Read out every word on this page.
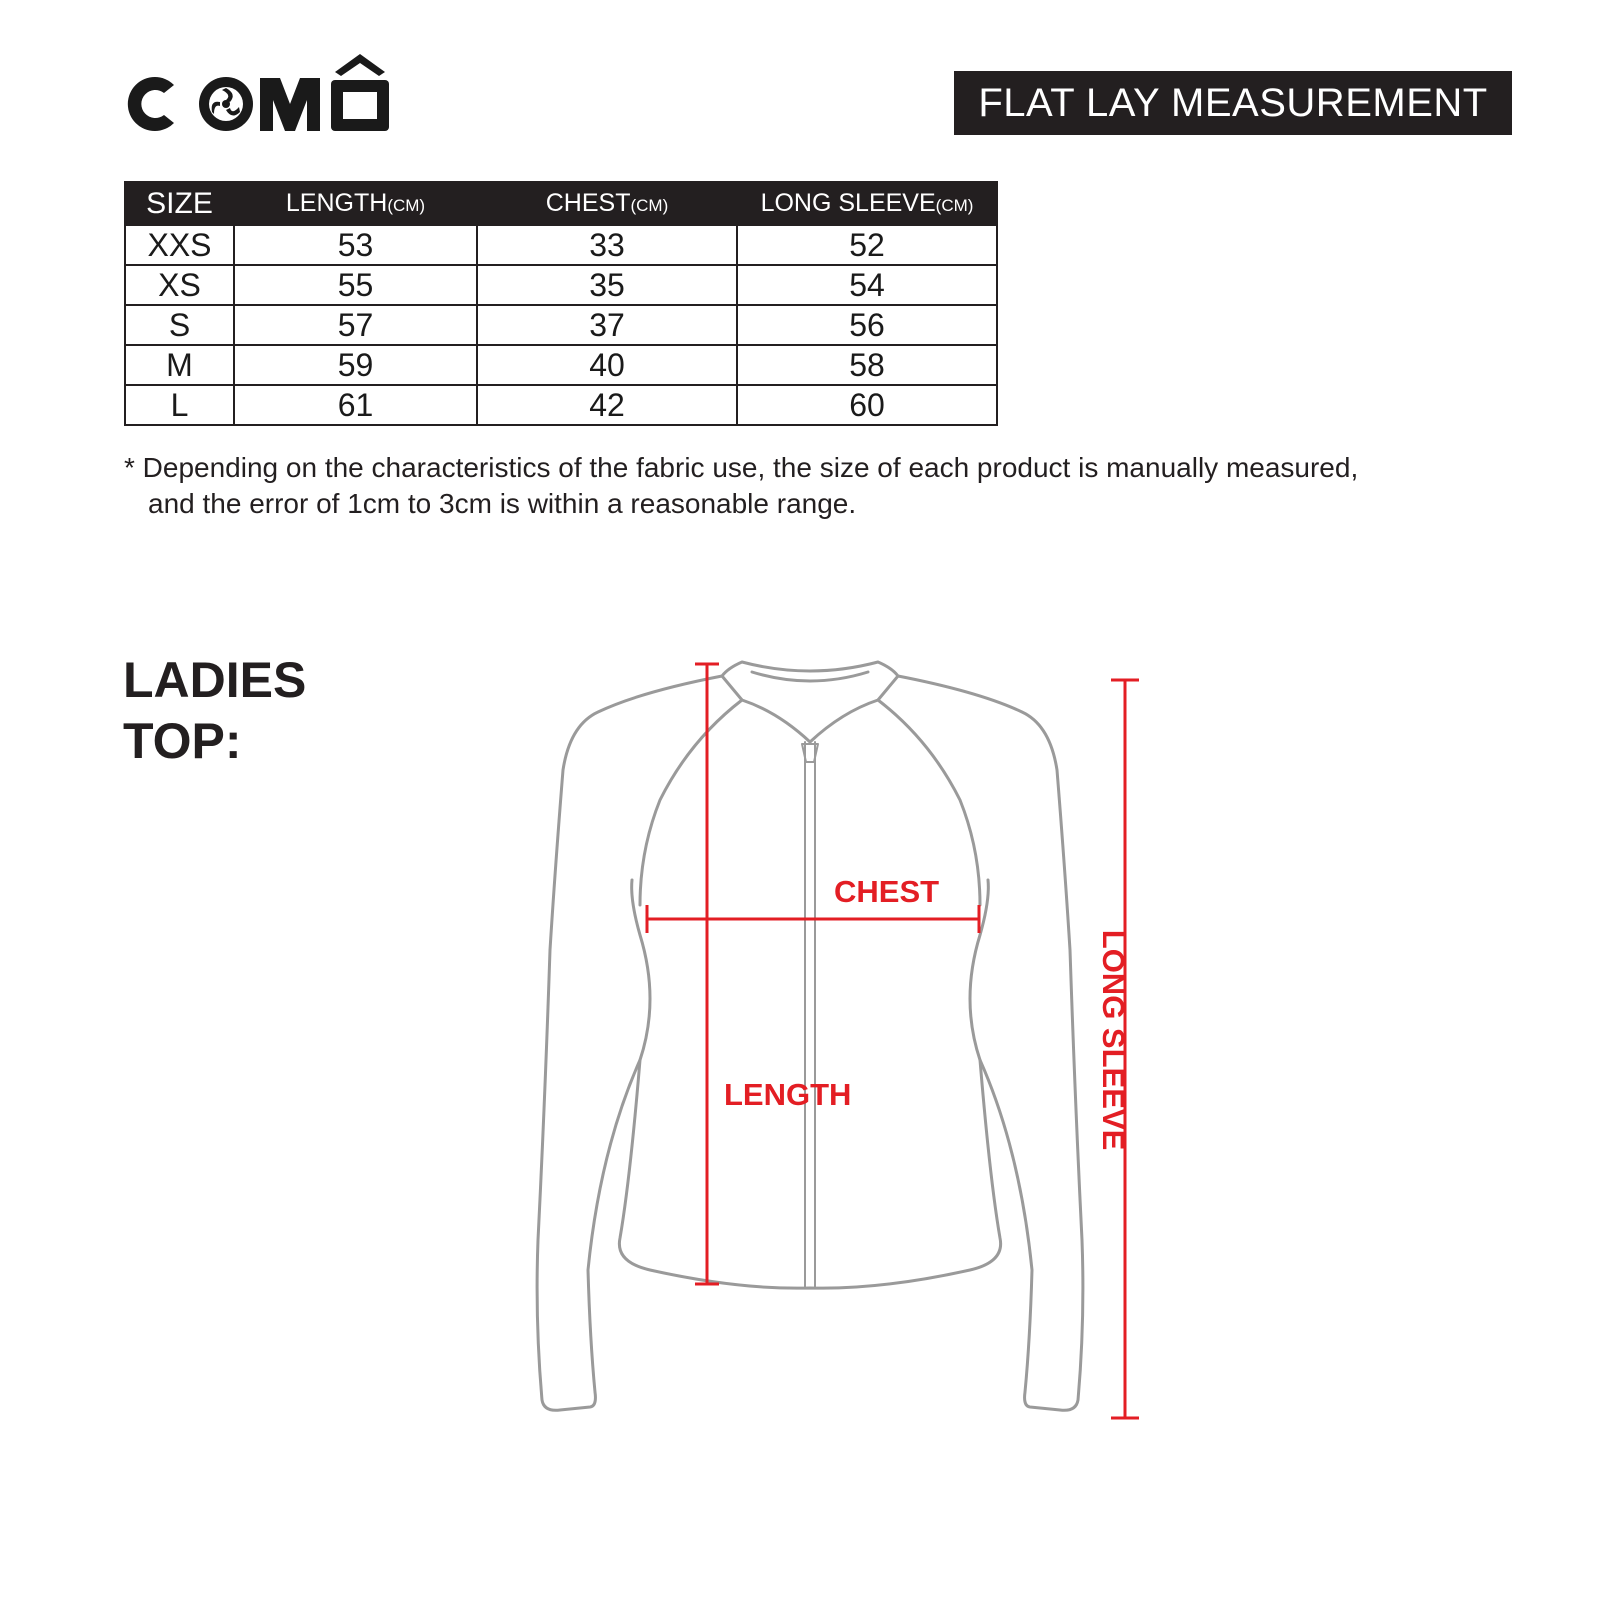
FLAT LAY MEASUREMENT
SIZE	LENGTH(CM)	CHEST(CM)	LONG SLEEVE(CM)
XXS	53	33	52
XS	55	35	54
S	57	37	56
M	59	40	58
L	61	42	60
* Depending on the characteristics of the fabric use, the size of each product is manually measured,
and the error of 1cm to 3cm is within a reasonable range.
LADIES
TOP:
CHEST
LENGTH	LONG SLEEVE
